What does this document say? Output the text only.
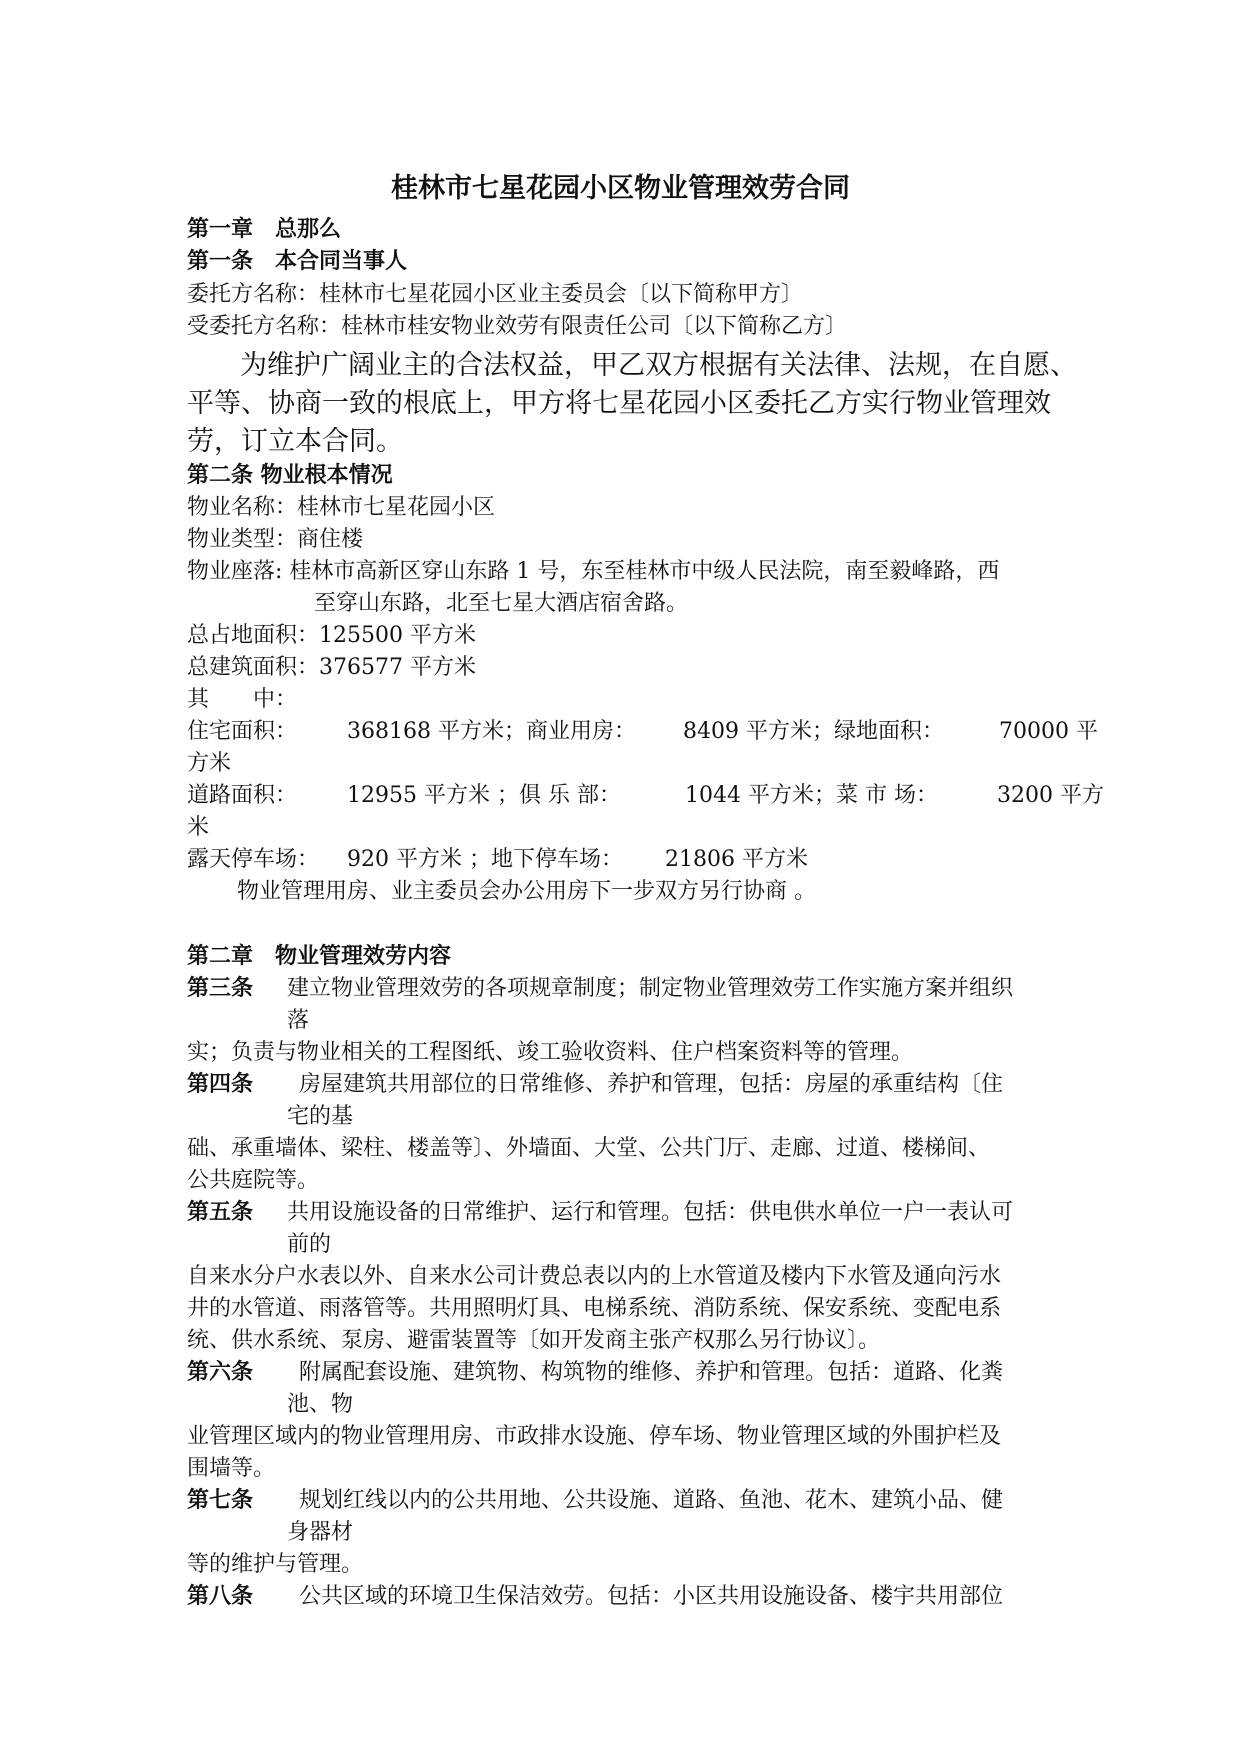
桂林市七星花园小区物业管理效劳合同
第一章　总那么
第一条　本合同当事人
委托方名称：桂林市七星花园小区业主委员会〔以下简称甲方〕
受委托方名称：桂林市桂安物业效劳有限责任公司〔以下简称乙方〕
为维护广阔业主的合法权益，甲乙双方根据有关法律、法规，在自愿、
平等、协商一致的根底上，甲方将七星花园小区委托乙方实行物业管理效
劳，订立本合同。
第二条 物业根本情况
物业名称：桂林市七星花园小区
物业类型：商住楼
物业座落: 桂林市高新区穿山东路 1 号，东至桂林市中级人民法院，南至毅峰路，西
至穿山东路，北至七星大酒店宿舍路。
总占地面积：125500 平方米
总建筑面积：376577 平方米
其　　中：
住宅面积： 368168 平方米；商业用房： 8409 平方米；绿地面积：	70000 平
方米
道路面积： 12955 平方米 ；俱 乐 部：	1044 平方米；菜 市 场：	3200 平方
米
露天停车场： 920 平方米 ；地下停车场： 21806 平方米
物业管理用房、业主委员会办公用房下一步双方另行协商 。
第二章　物业管理效劳内容
第三条 建立物业管理效劳的各项规章制度；制定物业管理效劳工作实施方案并组织
落
实；负责与物业相关的工程图纸、竣工验收资料、住户档案资料等的管理。
第四条 房屋建筑共用部位的日常维修、养护和管理，包括：房屋的承重结构〔住
宅的基
础、承重墙体、梁柱、楼盖等〕、外墙面、大堂、公共门厅、走廊、过道、楼梯间、
公共庭院等。
第五条 共用设施设备的日常维护、运行和管理。包括：供电供水单位一户一表认可
前的
自来水分户水表以外、自来水公司计费总表以内的上水管道及楼内下水管及通向污水
井的水管道、雨落管等。共用照明灯具、电梯系统、消防系统、保安系统、变配电系
统、供水系统、泵房、避雷装置等〔如开发商主张产权那么另行协议〕。
第六条 附属配套设施、建筑物、构筑物的维修、养护和管理。包括：道路、化粪
池、物
业管理区域内的物业管理用房、市政排水设施、停车场、物业管理区域的外围护栏及
围墙等。
第七条 规划红线以内的公共用地、公共设施、道路、鱼池、花木、建筑小品、健
身器材
等的维护与管理。
第八条 公共区域的环境卫生保洁效劳。包括：小区共用设施设备、楼宇共用部位
